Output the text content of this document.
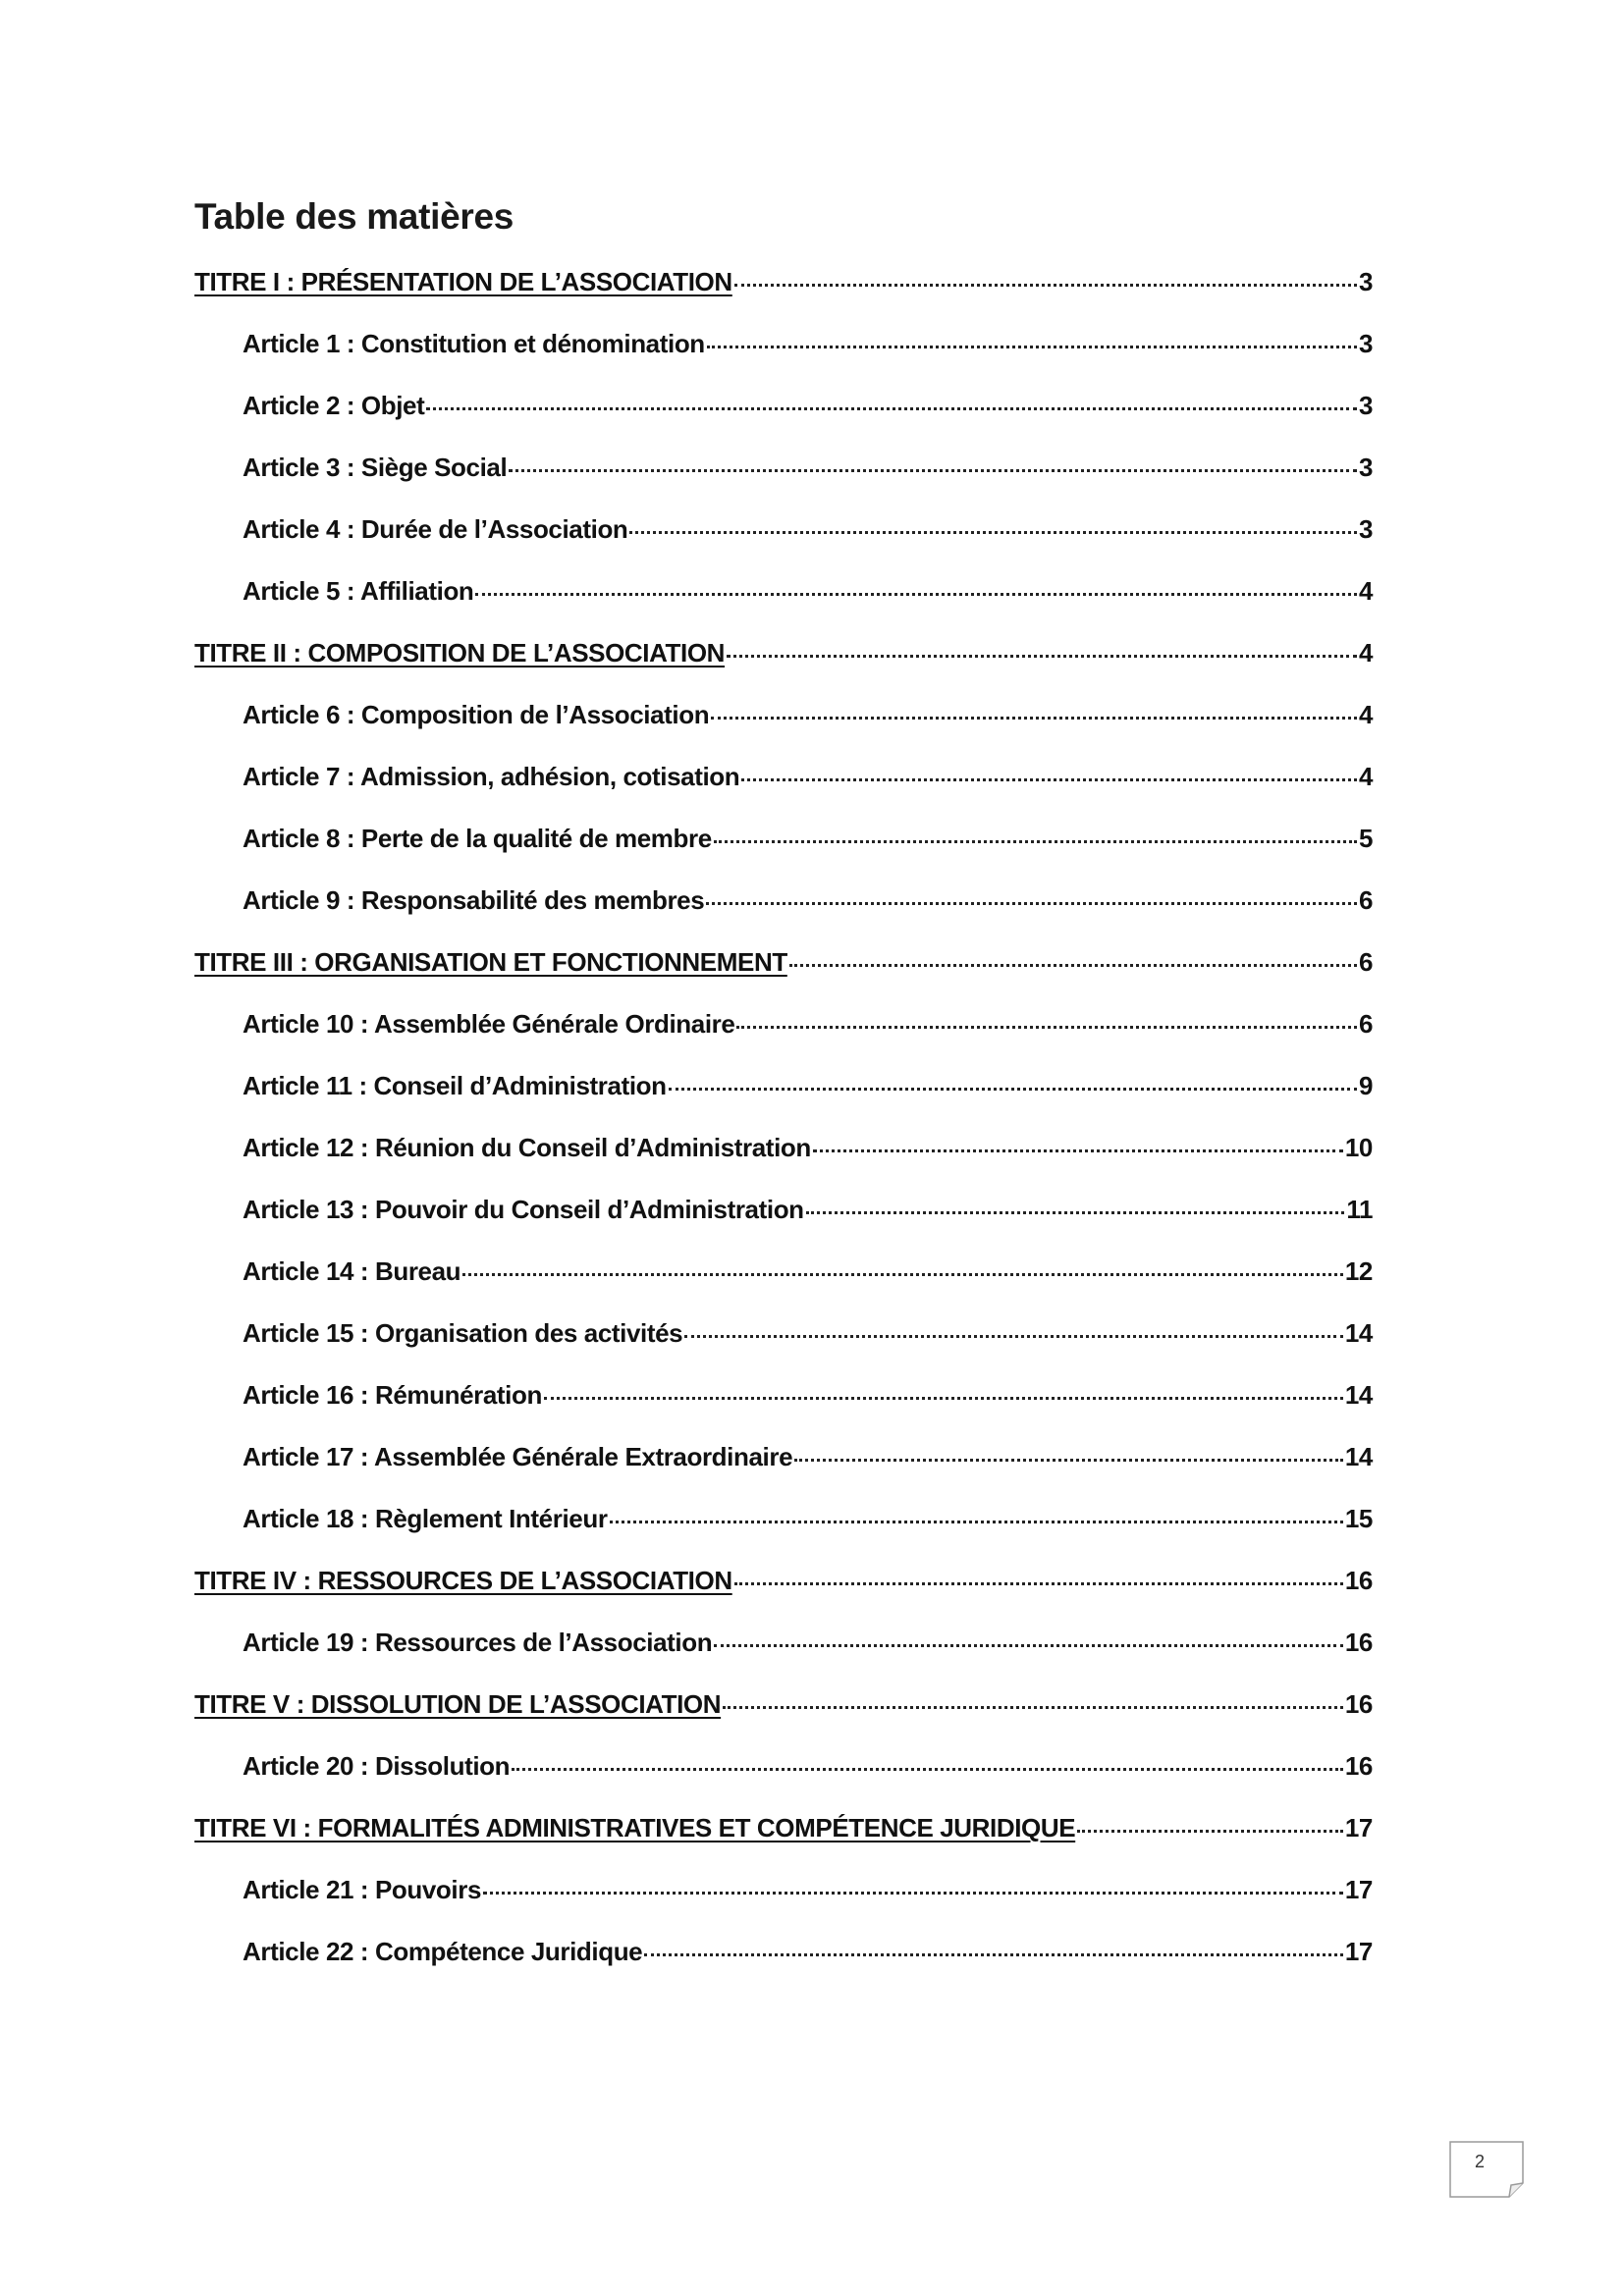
Table des matières
TITRE I : PRÉSENTATION DE L’ASSOCIATION	3
Article 1 : Constitution et dénomination	3
Article 2 : Objet	3
Article 3 : Siège Social	3
Article 4 : Durée de l’Association	3
Article 5 : Affiliation	4
TITRE II : COMPOSITION DE L’ASSOCIATION	4
Article 6 : Composition de l’Association	4
Article 7 : Admission, adhésion, cotisation	4
Article 8 : Perte de la qualité de membre	5
Article 9 : Responsabilité des membres	6
TITRE III : ORGANISATION ET FONCTIONNEMENT	6
Article 10 : Assemblée Générale Ordinaire	6
Article 11 : Conseil d’Administration	9
Article 12 : Réunion du Conseil d’Administration	10
Article 13 : Pouvoir du Conseil d’Administration	11
Article 14 : Bureau	12
Article 15 : Organisation des activités	14
Article 16 : Rémunération	14
Article 17 : Assemblée Générale Extraordinaire	14
Article 18 : Règlement Intérieur	15
TITRE IV : RESSOURCES DE L’ASSOCIATION	16
Article 19 : Ressources de l’Association	16
TITRE V : DISSOLUTION DE L’ASSOCIATION	16
Article 20 : Dissolution	16
TITRE VI : FORMALITÉS ADMINISTRATIVES ET COMPÉTENCE JURIDIQUE	17
Article 21 : Pouvoirs	17
Article 22 : Compétence Juridique	17
2
